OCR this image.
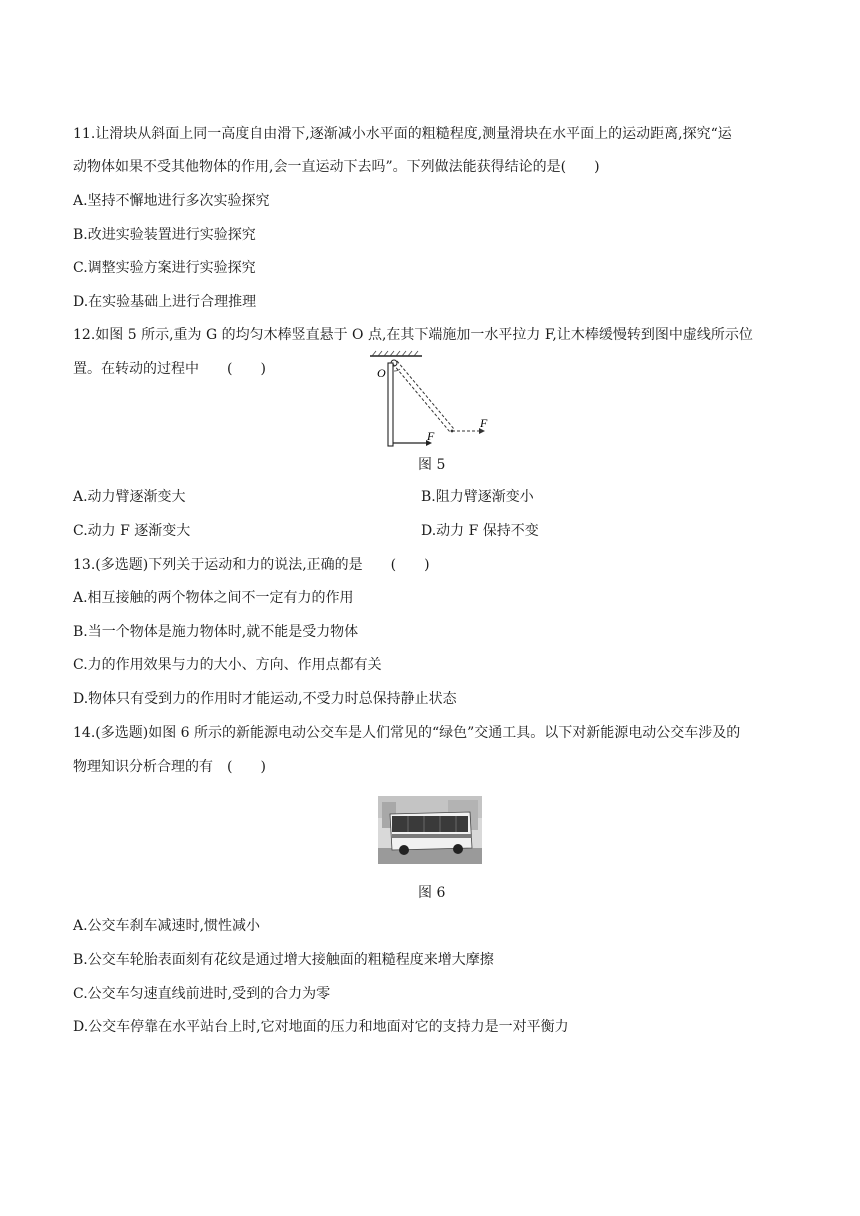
11.让滑块从斜面上同一高度自由滑下,逐渐减小水平面的粗糙程度,测量滑块在水平面上的运动距离,探究“运
动物体如果不受其他物体的作用,会一直运动下去吗”。下列做法能获得结论的是(　　)
A.坚持不懈地进行多次实验探究
B.改进实验装置进行实验探究
C.调整实验方案进行实验探究
D.在实验基础上进行合理推理
12.如图 5 所示,重为 G 的均匀木棒竖直悬于 O 点,在其下端施加一水平拉力 F,让木棒缓慢转到图中虚线所示位
置。在转动的过程中　　(　　)	O
F
F
图 5
A.动力臂逐渐变大	B.阻力臂逐渐变小
C.动力 F 逐渐变大	D.动力 F 保持不变
13.(多选题)下列关于运动和力的说法,正确的是　　(　　)
A.相互接触的两个物体之间不一定有力的作用
B.当一个物体是施力物体时,就不能是受力物体
C.力的作用效果与力的大小、方向、作用点都有关
D.物体只有受到力的作用时才能运动,不受力时总保持静止状态
14.(多选题)如图 6 所示的新能源电动公交车是人们常见的“绿色”交通工具。以下对新能源电动公交车涉及的
物理知识分析合理的有　(　　)
图 6
A.公交车刹车减速时,惯性减小
B.公交车轮胎表面刻有花纹是通过增大接触面的粗糙程度来增大摩擦
C.公交车匀速直线前进时,受到的合力为零
D.公交车停靠在水平站台上时,它对地面的压力和地面对它的支持力是一对平衡力
